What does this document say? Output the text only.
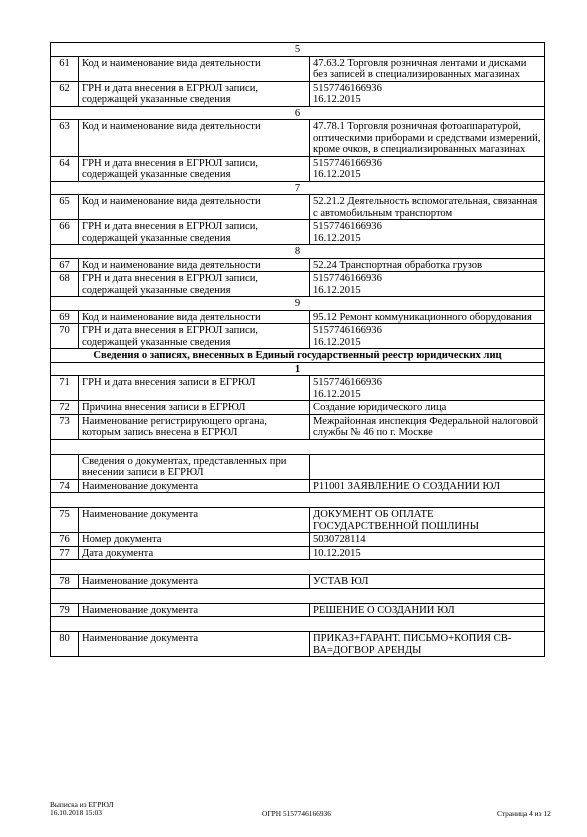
5		
61	Код и наименование вида деятельности	47.63.2 Торговля розничная лентами и дисками без записей в специализированных магазинах
62	ГРН и дата внесения в ЕГРЮЛ записи, содержащей указанные сведения	5157746166936
16.12.2015
6		
63	Код и наименование вида деятельности	47.78.1 Торговля розничная фотоаппаратурой, оптическими приборами и средствами измерений, кроме очков, в специализированных магазинах
64	ГРН и дата внесения в ЕГРЮЛ записи, содержащей указанные сведения	5157746166936
16.12.2015
7		
65	Код и наименование вида деятельности	52.21.2 Деятельность вспомогательная, связанная с автомобильным транспортом
66	ГРН и дата внесения в ЕГРЮЛ записи, содержащей указанные сведения	5157746166936
16.12.2015
8		
67	Код и наименование вида деятельности	52.24 Транспортная обработка грузов
68	ГРН и дата внесения в ЕГРЮЛ записи, содержащей указанные сведения	5157746166936
16.12.2015
9		
69	Код и наименование вида деятельности	95.12 Ремонт коммуникационного оборудования
70	ГРН и дата внесения в ЕГРЮЛ записи, содержащей указанные сведения	5157746166936
16.12.2015
Сведения о записях, внесенных в Единый государственный реестр юридических лиц		
1		
71	ГРН и дата внесения записи в ЕГРЮЛ	5157746166936
16.12.2015
72	Причина внесения записи в ЕГРЮЛ	Создание юридического лица
73	Наименование регистрирующего органа, которым запись внесена в ЕГРЮЛ	Межрайонная инспекция Федеральной налоговой службы № 46 по г. Москве

	Сведения о документах, представленных при внесении записи в ЕГРЮЛ	
74	Наименование документа	Р11001 ЗАЯВЛЕНИЕ О СОЗДАНИИ ЮЛ

75	Наименование документа	ДОКУМЕНТ ОБ ОПЛАТЕ ГОСУДАРСТВЕННОЙ ПОШЛИНЫ
76	Номер документа	5030728114
77	Дата документа	10.12.2015

78	Наименование документа	УСТАВ ЮЛ

79	Наименование документа	РЕШЕНИЕ О СОЗДАНИИ ЮЛ

80	Наименование документа	ПРИКАЗ+ГАРАНТ. ПИСЬМО+КОПИЯ СВ-ВА=ДОГВОР АРЕНДЫ
Выписка из ЕГРЮЛ
16.10.2018 15:03	ОГРН 5157746166936	Страница 4 из 12
